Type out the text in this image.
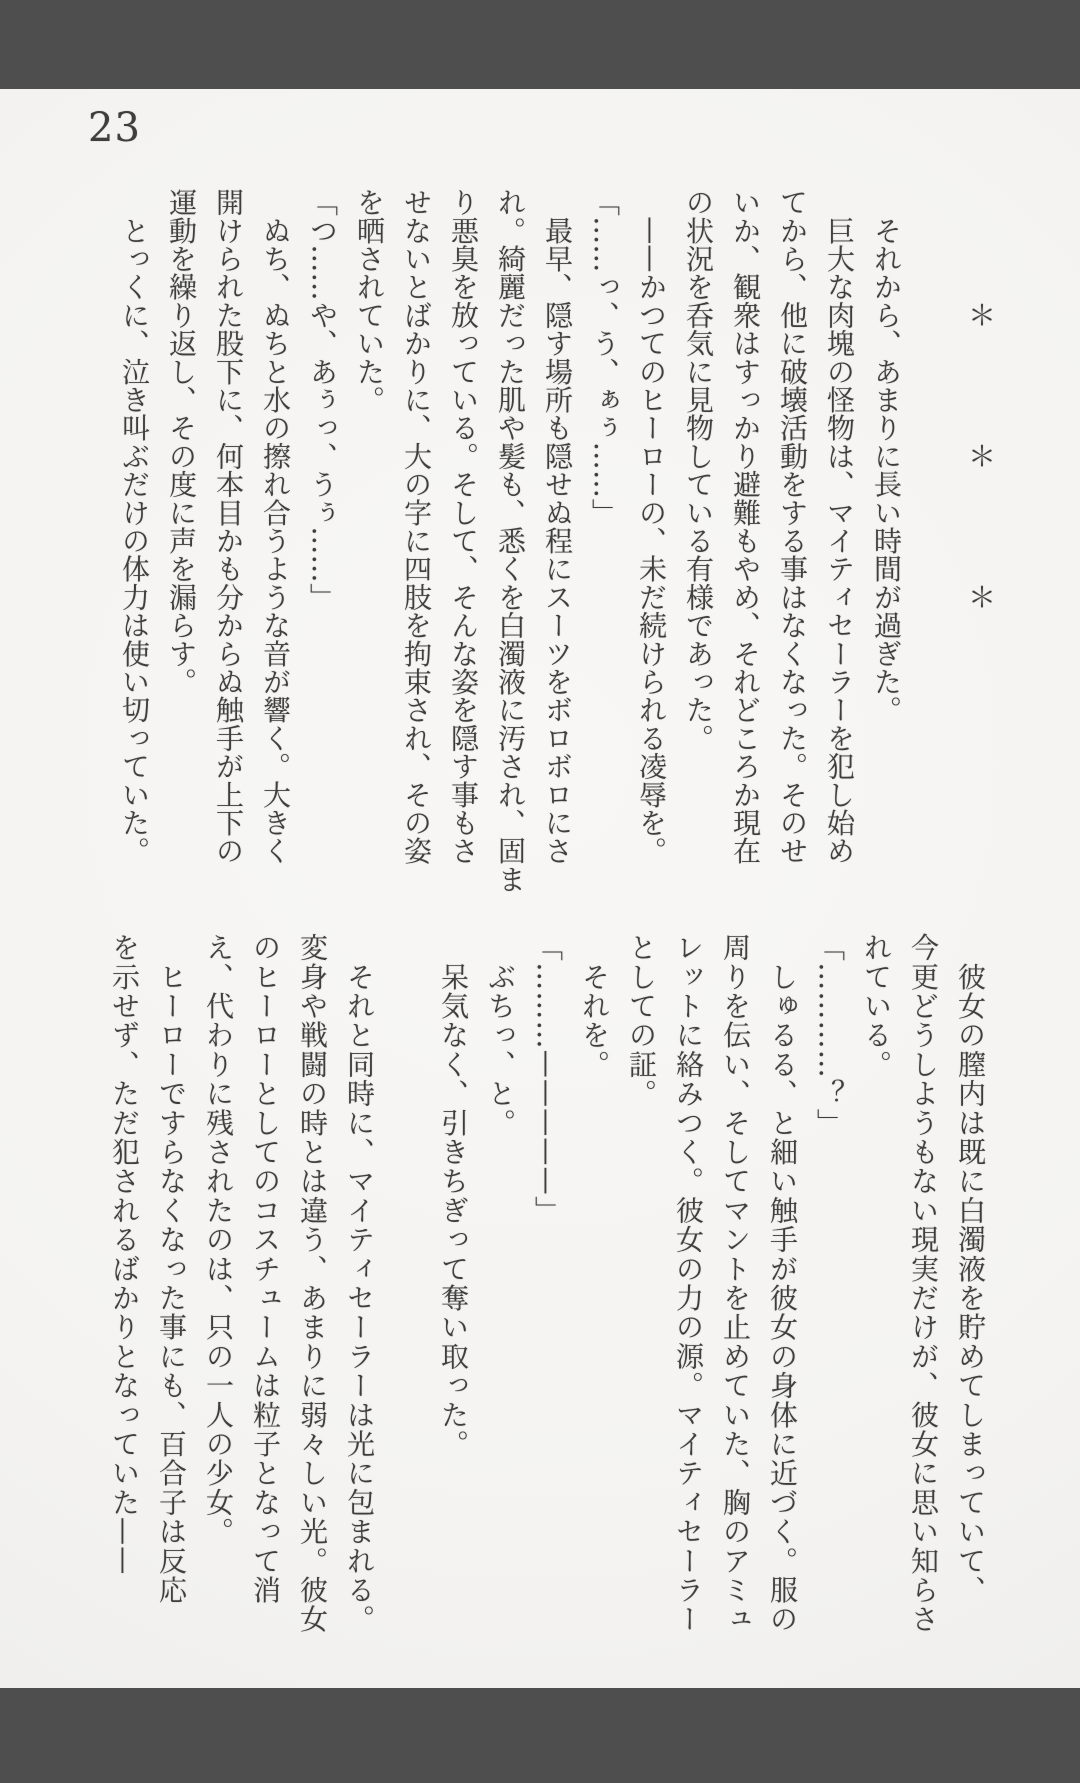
23

　　　　＊　　　　＊　　　　＊

　それから、あまりに長い時間が過ぎた。

　巨大な肉塊の怪物は、マイティセーラーを犯し始め

てから、他に破壊活動をする事はなくなった。そのせ

いか、観衆はすっかり避難もやめ、それどころか現在

の状況を呑気に見物している有様であった。

　——かつてのヒーローの、未だ続けられる凌辱を。

「……っ、う、ぁぅ……」

　最早、隠す場所も隠せぬ程にスーツをボロボロにさ

れ。綺麗だった肌や髪も、悉くを白濁液に汚され、固ま

り悪臭を放っている。そして、そんな姿を隠す事もさ

せないとばかりに、大の字に四肢を拘束され、その姿

を晒されていた。

「つ……や、あぅっ、うぅ……」

　ぬち、ぬちと水の擦れ合うような音が響く。大きく

開けられた股下に、何本目かも分からぬ触手が上下の

運動を繰り返し、その度に声を漏らす。

　とっくに、泣き叫ぶだけの体力は使い切っていた。

　彼女の膣内は既に白濁液を貯めてしまっていて、

今更どうしようもない現実だけが、彼女に思い知らさ

れている。

「…………？」

　しゅるる、と細い触手が彼女の身体に近づく。服の

周りを伝い、そしてマントを止めていた、胸のアミュ

レットに絡みつく。彼女の力の源。マイティセーラー

としての証。

　それを。

「………—————」

　ぶちっ、と。

　呆気なく、引きちぎって奪い取った。

　それと同時に、マイティセーラーは光に包まれる。

変身や戦闘の時とは違う、あまりに弱々しい光。彼女

のヒーローとしてのコスチュームは粒子となって消

え、代わりに残されたのは、只の一人の少女。

　ヒーローですらなくなった事にも、百合子は反応

を示せず、ただ犯されるばかりとなっていた——
